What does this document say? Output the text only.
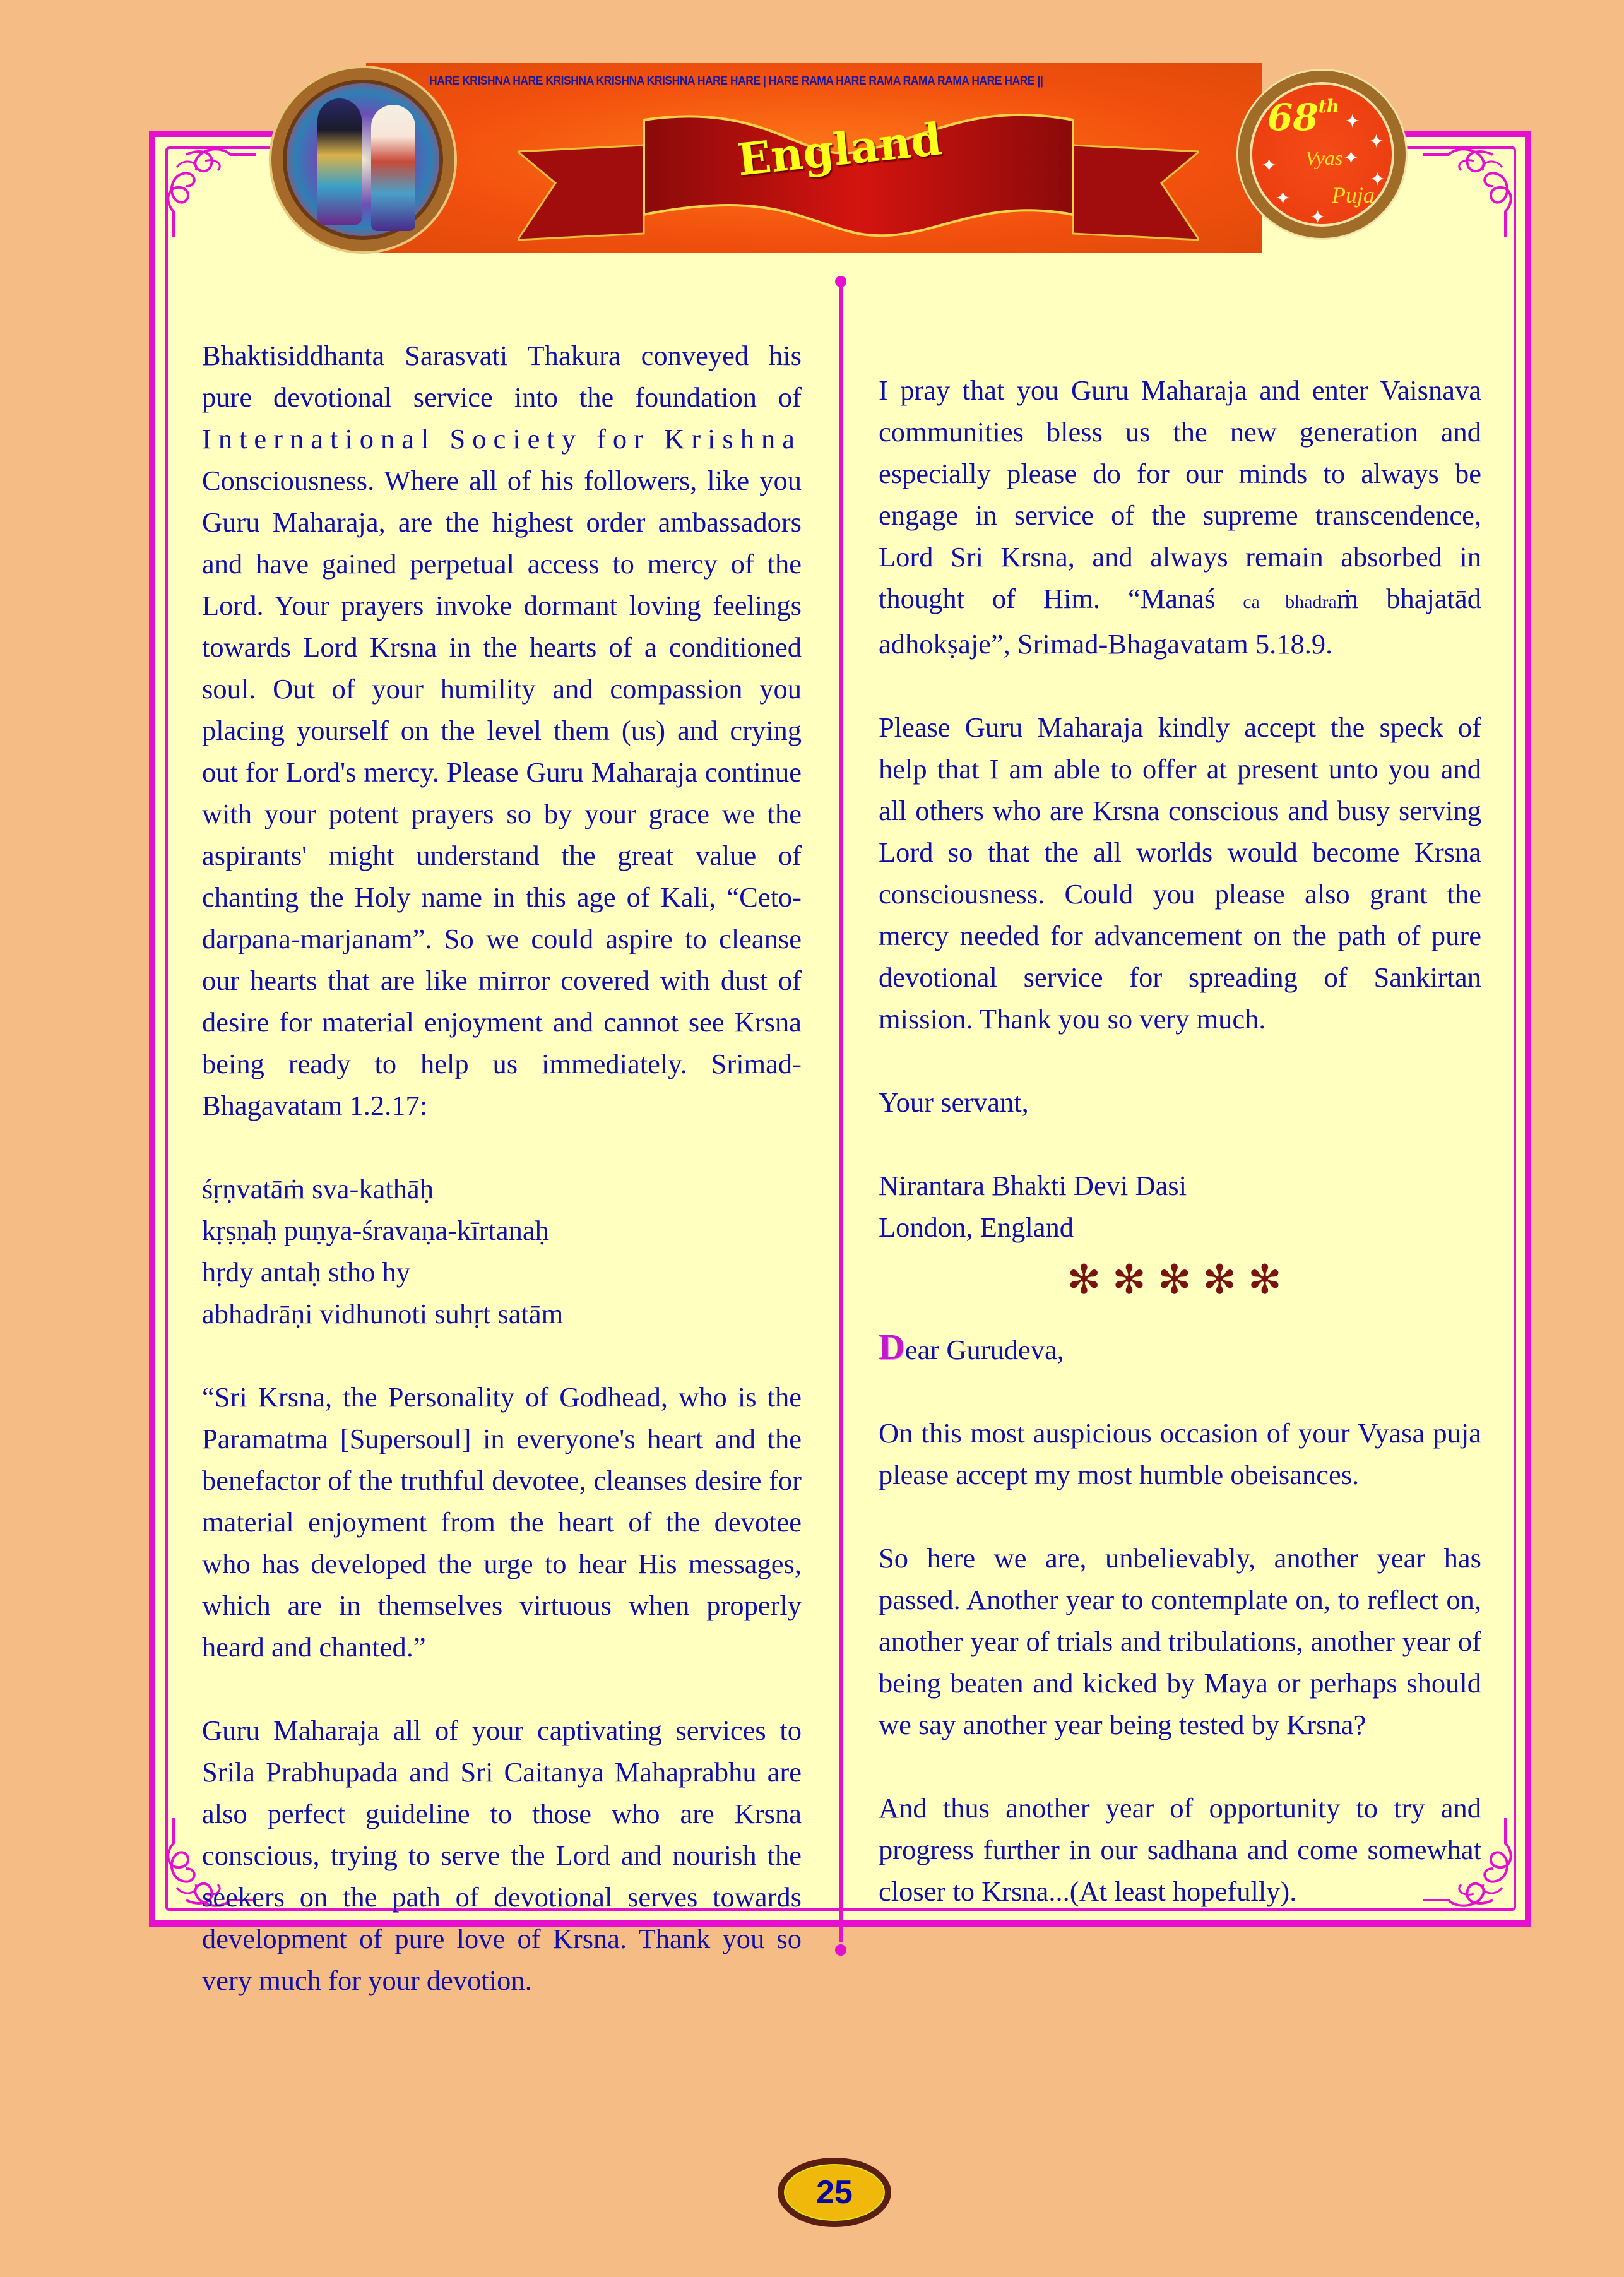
HARE KRISHNA HARE KRISHNA KRISHNA KRISHNA HARE HARE | HARE RAMA HARE RAMA RAMA RAMA HARE HARE ||
England	68th
Vyas
Puja
✦
✦
✦
✦
✦
✦
✦

Bhaktisiddhanta Sarasvati Thakura conveyed his pure devotional service into the foundation of International Society for Krishna Consciousness. Where all of his followers, like you Guru Maharaja, are the highest order ambassadors and have gained perpetual access to mercy of the Lord. Your prayers invoke dormant loving feelings towards Lord Krsna in the hearts of a conditioned soul. Out of your humility and compassion you placing yourself on the level them (us) and crying out for Lord's mercy. Please Guru Maharaja continue with your potent prayers so by your grace we the aspirants' might understand the great value of chanting the Holy name in this age of Kali, “Ceto-darpana-marjanam”. So we could aspire to cleanse our hearts that are like mirror covered with dust of desire for material enjoyment and cannot see Krsna being ready to help us immediately. Srimad-Bhagavatam 1.2.17:

śṛṇvatāṁ sva-kathāḥ
kṛṣṇaḥ puṇya-śravaṇa-kīrtanaḥ
hṛdy antaḥ stho hy
abhadrāṇi vidhunoti suhṛt satām

“Sri Krsna, the Personality of Godhead, who is the Paramatma [Supersoul] in everyone's heart and the benefactor of the truthful devotee, cleanses desire for material enjoyment from the heart of the devotee who has developed the urge to hear His messages, which are in themselves virtuous when properly heard and chanted.”

Guru Maharaja all of your captivating services to Srila Prabhupada and Sri Caitanya Mahaprabhu are also perfect guideline to those who are Krsna conscious, trying to serve the Lord and nourish the seekers on the path of devotional serves towards development of pure love of Krsna. Thank you so very much for your devotion.

I pray that you Guru Maharaja and enter Vaisnava communities bless us the new generation and especially please do for our minds to always be engage in service of the supreme transcendence, Lord Sri Krsna, and always remain absorbed in thought of Him. “Manaś ca bhadraṁ bhajatād adhokṣaje”, Srimad-Bhagavatam 5.18.9.

Please Guru Maharaja kindly accept the speck of help that I am able to offer at present unto you and all others who are Krsna conscious and busy serving Lord so that the all worlds would become Krsna consciousness. Could you please also grant the mercy needed for advancement on the path of pure devotional service for spreading of Sankirtan mission. Thank you so very much.

Your servant,

Nirantara Bhakti Devi Dasi

London, England

✻✻✻✻✻

Dear Gurudeva,

On this most auspicious occasion of your Vyasa puja please accept my most humble obeisances.

So here we are, unbelievably, another year has passed. Another year to contemplate on, to reflect on, another year of trials and tribulations, another year of being beaten and kicked by Maya or perhaps should we say another year being tested by Krsna?

And thus another year of opportunity to try and progress further in our sadhana and come somewhat closer to Krsna...(At least hopefully).

25
